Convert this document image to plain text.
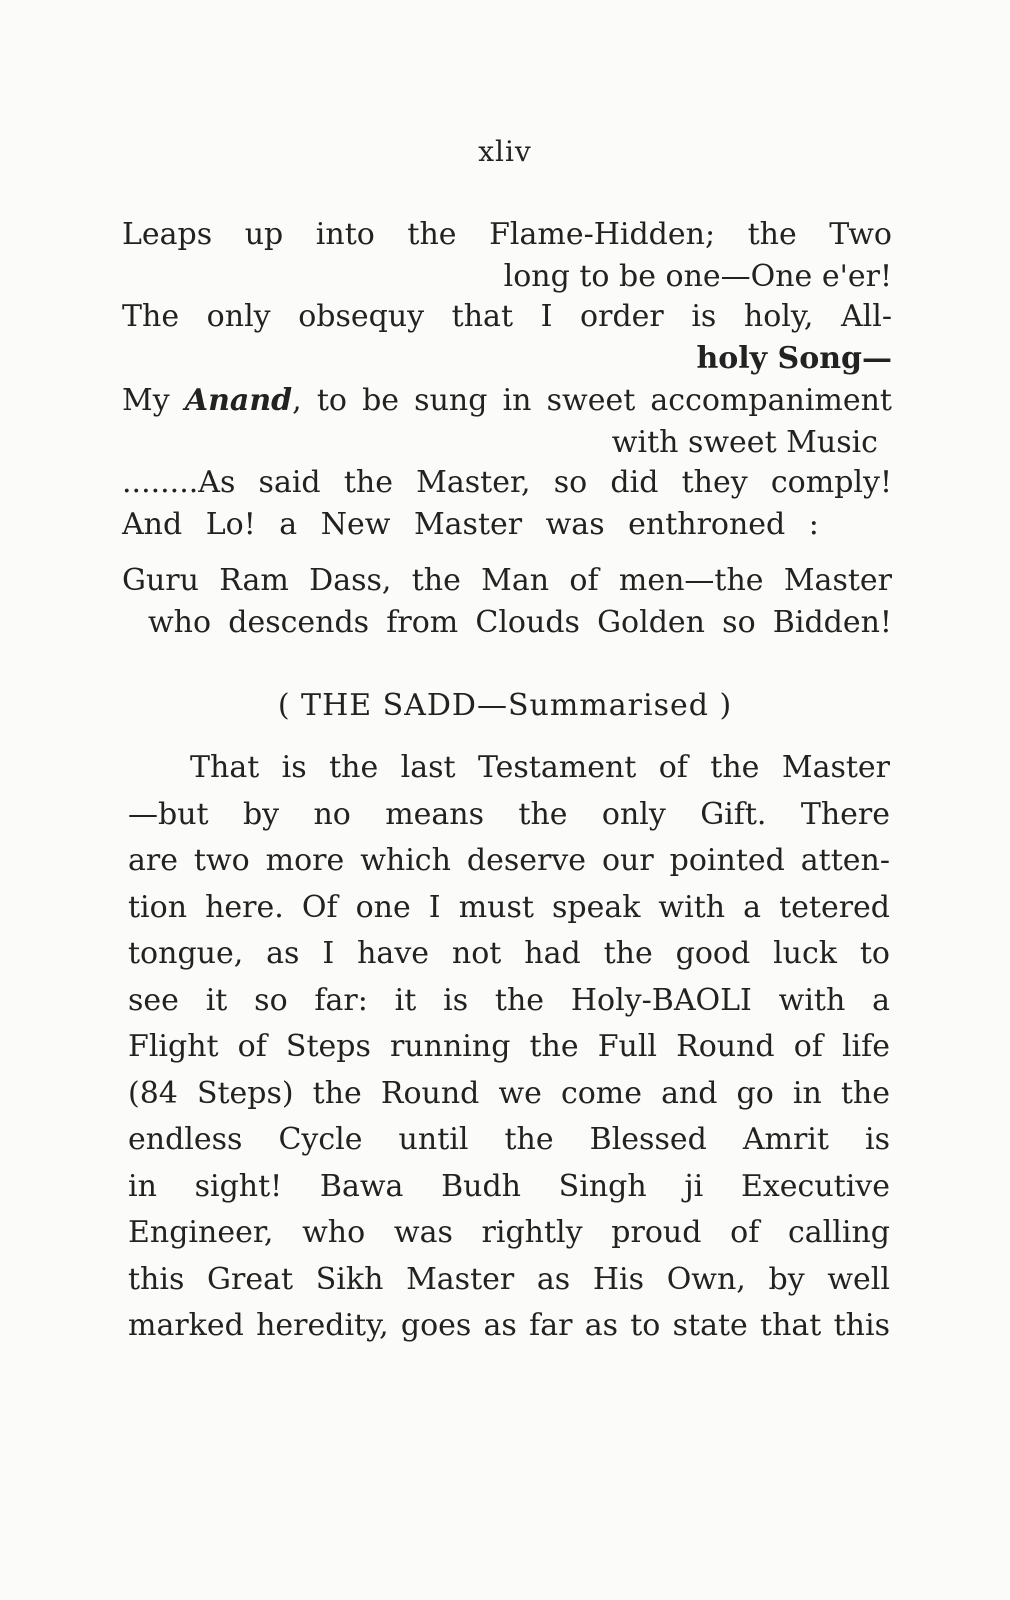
xliv
Leaps up into the Flame-Hidden; the Two
long to be one—One e'er!
The only obsequy that I order is holy, All-
holy Song—
My Anand, to be sung in sweet accompaniment
with sweet Music
........As said the Master, so did they comply!
And Lo! a New Master was enthroned :
Guru Ram Dass, the Man of men—the Master
who descends from Clouds Golden so Bidden!
( THE SADD—Summarised )
That is the last Testament of the Master
—but by no means the only Gift. There
are two more which deserve our pointed atten-
tion here. Of one I must speak with a tetered
tongue, as I have not had the good luck to
see it so far: it is the Holy-BAOLI with a
Flight of Steps running the Full Round of life
(84 Steps) the Round we come and go in the
endless Cycle until the Blessed Amrit is
in sight! Bawa Budh Singh ji Executive
Engineer, who was rightly proud of calling
this Great Sikh Master as His Own, by well
marked heredity, goes as far as to state that this
